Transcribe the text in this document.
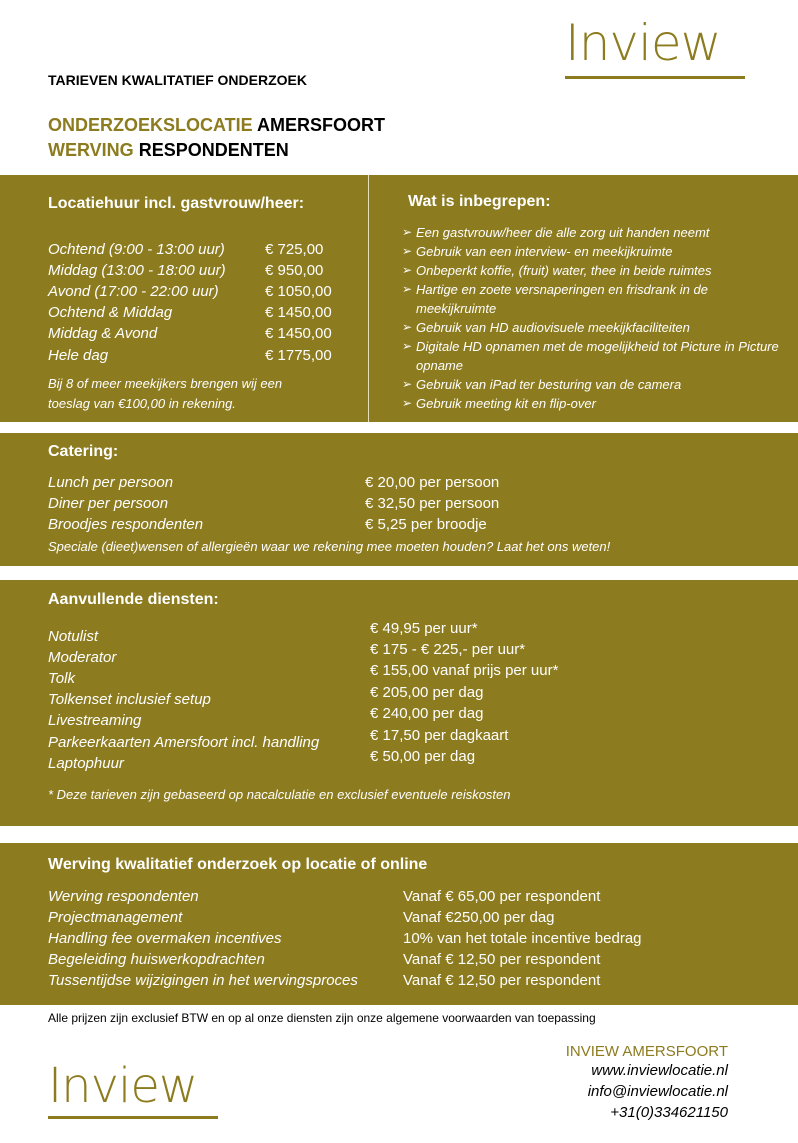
Inview
TARIEVEN KWALITATIEF ONDERZOEK
ONDERZOEKSLOCATIE AMERSFOORT
WERVING RESPONDENTEN
Locatiehuur incl. gastvrouw/heer:
Ochtend (9:00 - 13:00 uur)	€ 725,00
Middag (13:00 - 18:00 uur)	€ 950,00
Avond (17:00 - 22:00 uur)	€ 1050,00
Ochtend & Middag	€ 1450,00
Middag & Avond	€ 1450,00
Hele dag	€ 1775,00
Bij 8 of meer meekijkers brengen wij een
toeslag van €100,00 in rekening.
Wat is inbegrepen:
➢ Een gastvrouw/heer die alle zorg uit handen neemt
➢ Gebruik van een interview- en meekijkruimte
➢ Onbeperkt koffie, (fruit) water, thee in beide ruimtes
➢ Hartige en zoete versnaperingen en frisdrank in de meekijkruimte
➢ Gebruik van HD audiovisuele meekijkfaciliteiten
➢ Digitale HD opnamen met de mogelijkheid tot Picture in Picture opname
➢ Gebruik van iPad ter besturing van de camera
➢ Gebruik meeting kit en flip-over
Catering:
Lunch per persoon	€ 20,00 per persoon
Diner per persoon	€ 32,50 per persoon
Broodjes respondenten	€ 5,25 per broodje
Speciale (dieet)wensen of allergieën waar we rekening mee moeten houden? Laat het ons weten!
Aanvullende diensten:
Notulist	€ 49,95 per uur*
Moderator	€ 175 - € 225,- per uur*
Tolk	€ 155,00 vanaf prijs per uur*
Tolkenset inclusief setup	€ 205,00 per dag
Livestreaming	€ 240,00 per dag
Parkeerkaarten Amersfoort incl. handling	€ 17,50 per dagkaart
Laptophuur	€ 50,00 per dag
* Deze tarieven zijn gebaseerd op nacalculatie en exclusief eventuele reiskosten
Werving kwalitatief onderzoek op locatie of online
Werving respondenten	Vanaf € 65,00 per respondent
Projectmanagement	Vanaf €250,00 per dag
Handling fee overmaken incentives	10% van het totale incentive bedrag
Begeleiding huiswerkopdrachten	Vanaf € 12,50 per respondent
Tussentijdse wijzigingen in het wervingsproces	Vanaf € 12,50 per respondent
Alle prijzen zijn exclusief BTW en op al onze diensten zijn onze algemene voorwaarden van toepassing
Inview
INVIEW AMERSFOORT
www.inviewlocatie.nl
info@inviewlocatie.nl
+31(0)334621150
